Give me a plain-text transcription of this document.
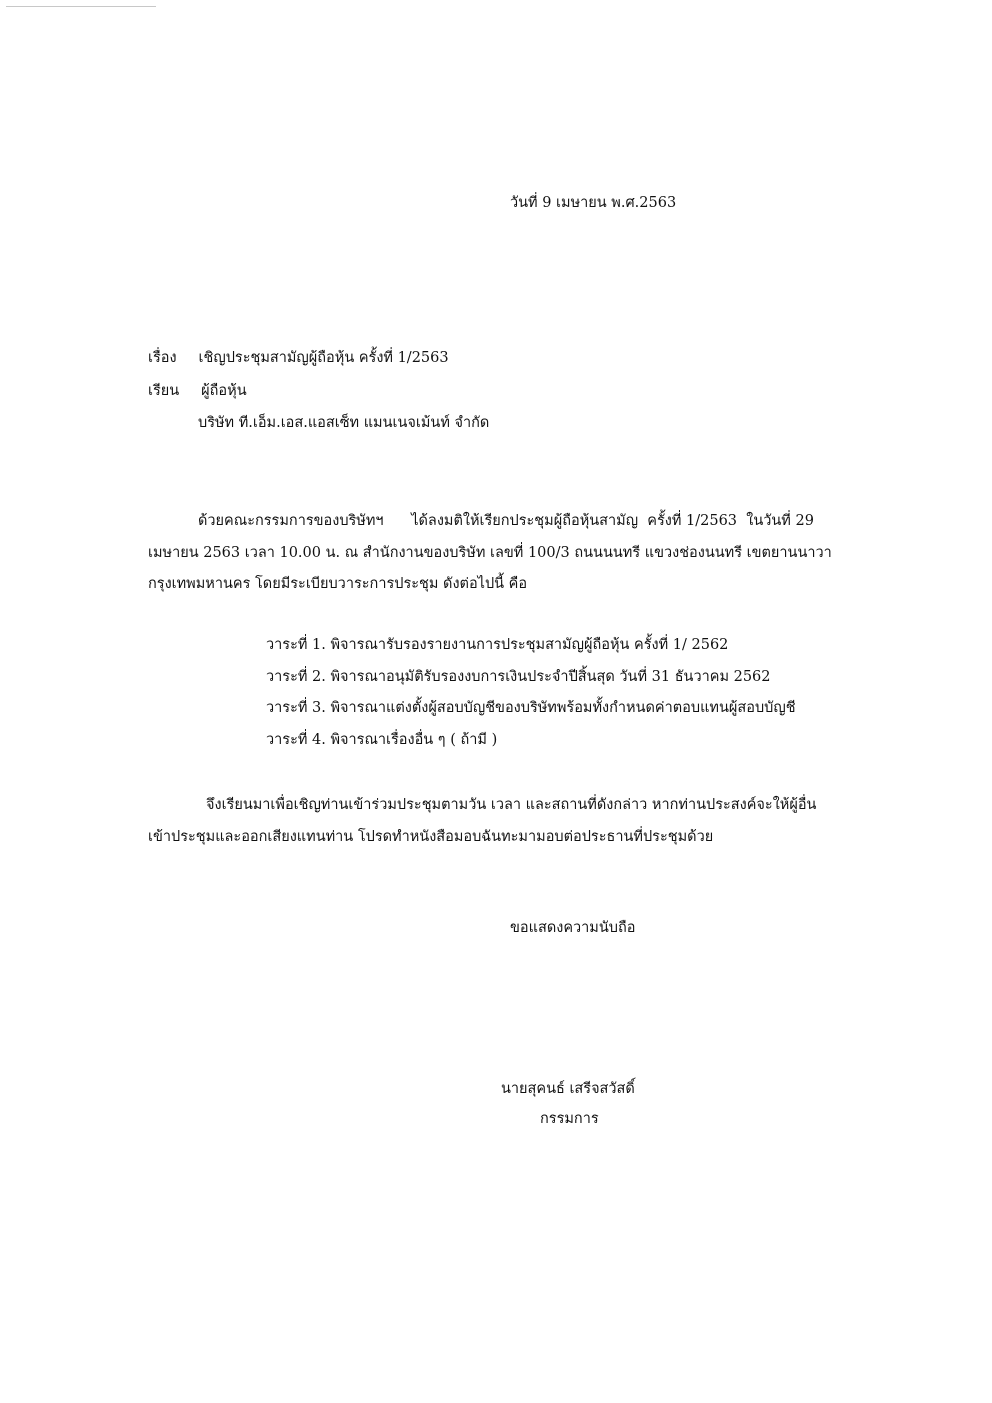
วันที่ 9 เมษายน พ.ศ.2563
เรื่อง เชิญประชุมสามัญผู้ถือหุ้น ครั้งที่ 1/2563
เรียน ผู้ถือหุ้น
บริษัท ที.เอ็ม.เอส.แอสเซ็ท แมนเนจเม้นท์ จำกัด
ด้วยคณะกรรมการของบริษัทฯ      ได้ลงมติให้เรียกประชุมผู้ถือหุ้นสามัญ  ครั้งที่ 1/2563  ในวันที่ 29
เมษายน 2563 เวลา 10.00 น. ณ สำนักงานของบริษัท เลขที่ 100/3 ถนนนนทรี แขวงช่องนนทรี เขตยานนาวา
กรุงเทพมหานคร โดยมีระเบียบวาระการประชุม ดังต่อไปนี้ คือ
วาระที่ 1. พิจารณารับรองรายงานการประชุมสามัญผู้ถือหุ้น ครั้งที่ 1/ 2562
วาระที่ 2. พิจารณาอนุมัติรับรองงบการเงินประจำปีสิ้นสุด วันที่ 31 ธันวาคม 2562
วาระที่ 3. พิจารณาแต่งตั้งผู้สอบบัญชีของบริษัทพร้อมทั้งกำหนดค่าตอบแทนผู้สอบบัญชี
วาระที่ 4. พิจารณาเรื่องอื่น ๆ ( ถ้ามี )
จึงเรียนมาเพื่อเชิญท่านเข้าร่วมประชุมตามวัน เวลา และสถานที่ดังกล่าว หากท่านประสงค์จะให้ผู้อื่น
เข้าประชุมและออกเสียงแทนท่าน โปรดทำหนังสือมอบฉันทะมามอบต่อประธานที่ประชุมด้วย
ขอแสดงความนับถือ
นายสุคนธ์ เสรีจสวัสดิ์
กรรมการ
